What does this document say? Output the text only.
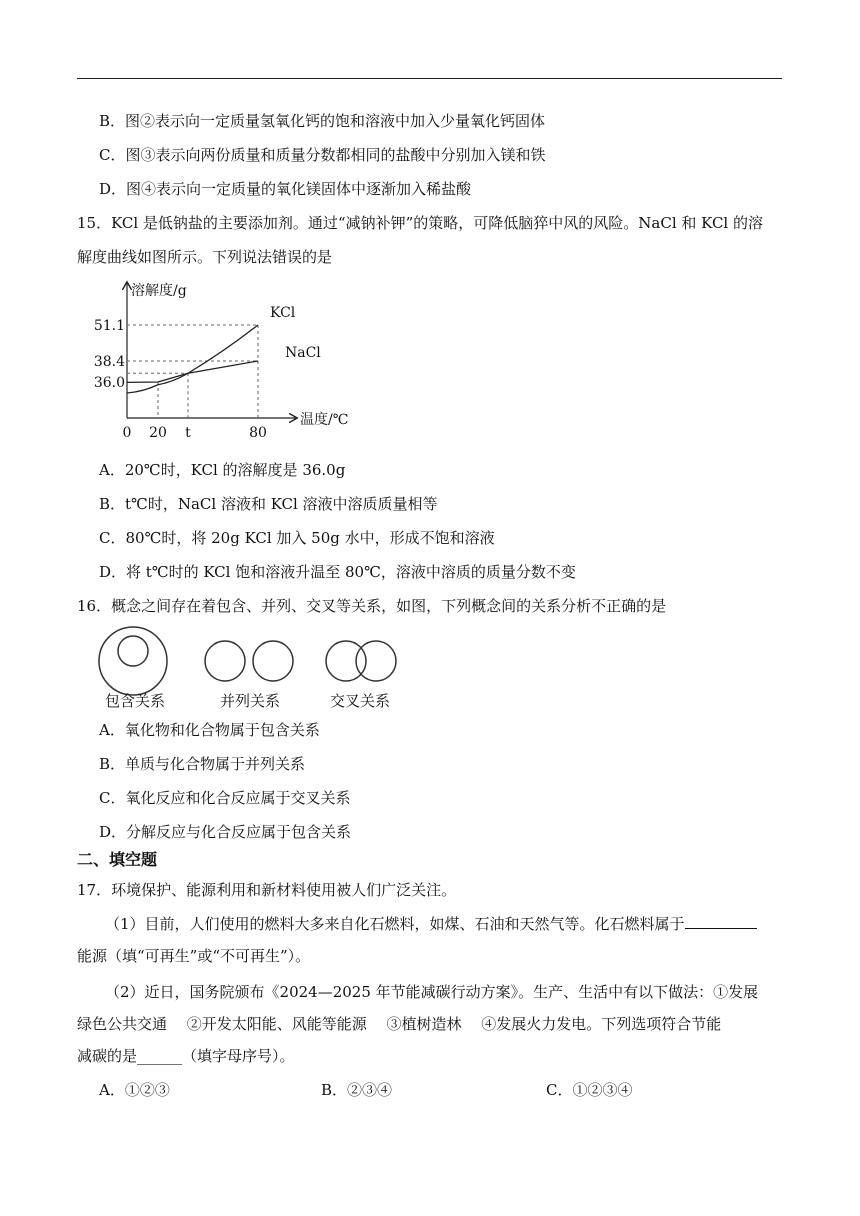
B．图②表示向一定质量氢氧化钙的饱和溶液中加入少量氧化钙固体
C．图③表示向两份质量和质量分数都相同的盐酸中分别加入镁和铁
D．图④表示向一定质量的氧化镁固体中逐渐加入稀盐酸
15．KCl 是低钠盐的主要添加剂。通过“减钠补钾”的策略，可降低脑猝中风的风险。NaCl 和 KCl 的溶
解度曲线如图所示。下列说法错误的是
0 20 t	80
36.0
38.4
51.1
溶解度/g
温度/℃
KCl
NaCl
A．20℃时，KCl 的溶解度是 36.0g
B．t℃时，NaCl 溶液和 KCl 溶液中溶质质量相等
C．80℃时，将 20g KCl 加入 50g 水中，形成不饱和溶液
D．将 t℃时的 KCl 饱和溶液升温至 80℃，溶液中溶质的质量分数不变
16．概念之间存在着包含、并列、交叉等关系，如图，下列概念间的关系分析不正确的是
包含关系	并列关系	交叉关系
A．氧化物和化合物属于包含关系
B．单质与化合物属于并列关系
C．氧化反应和化合反应属于交叉关系
D．分解反应与化合反应属于包含关系
二、填空题
17．环境保护、能源利用和新材料使用被人们广泛关注。
（1）目前，人们使用的燃料大多来自化石燃料，如煤、石油和天然气等。化石燃料属于
能源（填“可再生”或“不可再生”）。
（2）近日，国务院颁布《2024—2025 年节能减碳行动方案》。生产、生活中有以下做法：①发展
绿色公共交通　 ②开发太阳能、风能等能源　 ③植树造林　 ④发展火力发电。下列选项符合节能
减碳的是______（填字母序号）。
A．①②③	B．②③④	C．①②③④
